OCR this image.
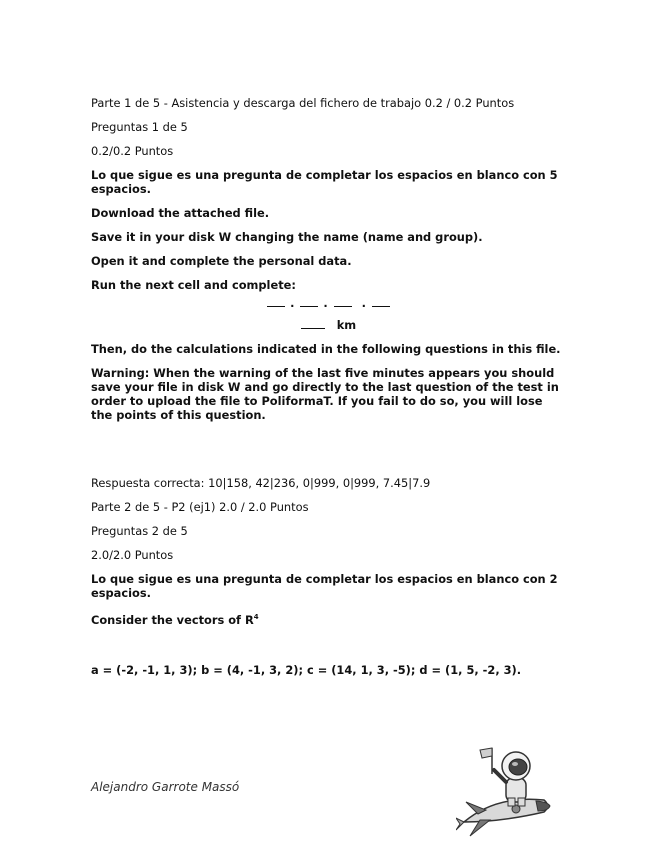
Parte 1 de 5 - Asistencia y descarga del fichero de trabajo 0.2 / 0.2 Puntos

Preguntas 1 de 5

0.2/0.2 Puntos

Lo que sigue es una pregunta de completar los espacios en blanco con 5 espacios.

Download the attached file.

Save it in your disk W changing the name (name and group).

Open it and complete the personal data.

Run the next cell and complete:

.  .   .
km

Then, do the calculations indicated in the following questions in this file.

Warning: When the warning of the last five minutes appears you should save your file in disk W and go directly to the last question of the test in order to upload the file to PoliformaT. If you fail to do so, you will lose the points of this question.

Respuesta correcta: 10|158, 42|236, 0|999, 0|999, 7.45|7.9

Parte 2 de 5 - P2 (ej1) 2.0 / 2.0 Puntos

Preguntas 2 de 5

2.0/2.0 Puntos

Lo que sigue es una pregunta de completar los espacios en blanco con 2 espacios.

Consider the vectors of $R^4$

a = (-2, -1, 1, 3); b = (4, -1, 3, 2); c = (14, 1, 3, -5); d = (1, 5, -2, 3).

Alejandro Garrote Massó
